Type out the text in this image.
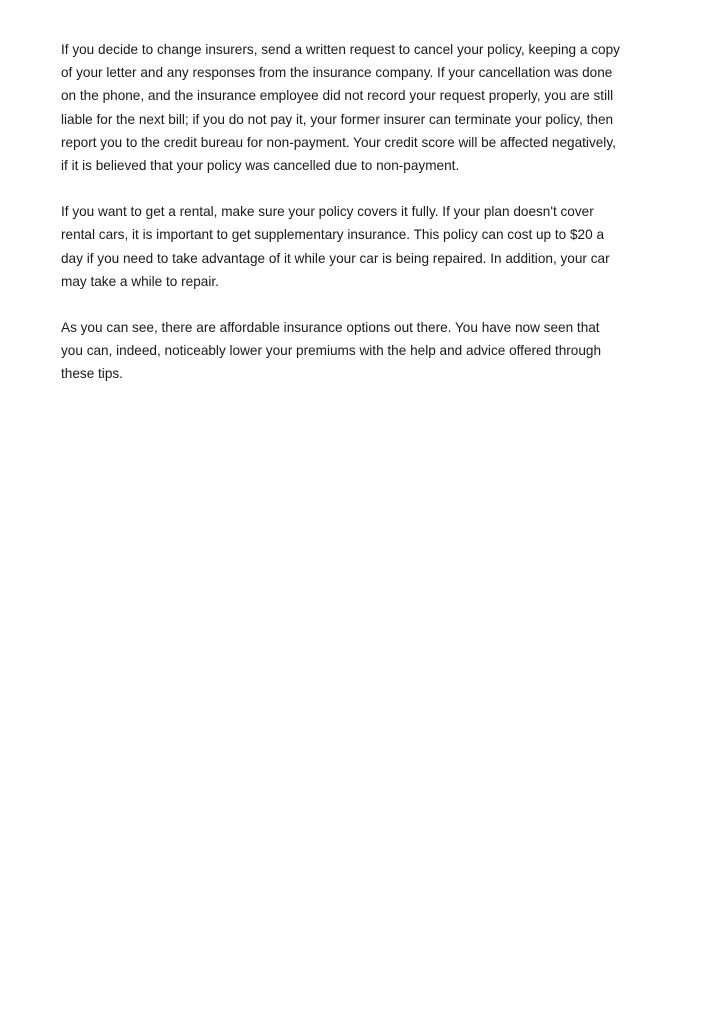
If you decide to change insurers, send a written request to cancel your policy, keeping a copy
of your letter and any responses from the insurance company. If your cancellation was done
on the phone, and the insurance employee did not record your request properly, you are still
liable for the next bill; if you do not pay it, your former insurer can terminate your policy, then
report you to the credit bureau for non-payment. Your credit score will be affected negatively,
if it is believed that your policy was cancelled due to non-payment.

If you want to get a rental, make sure your policy covers it fully. If your plan doesn't cover
rental cars, it is important to get supplementary insurance. This policy can cost up to $20 a
day if you need to take advantage of it while your car is being repaired. In addition, your car
may take a while to repair.

As you can see, there are affordable insurance options out there. You have now seen that
you can, indeed, noticeably lower your premiums with the help and advice offered through
these tips.
